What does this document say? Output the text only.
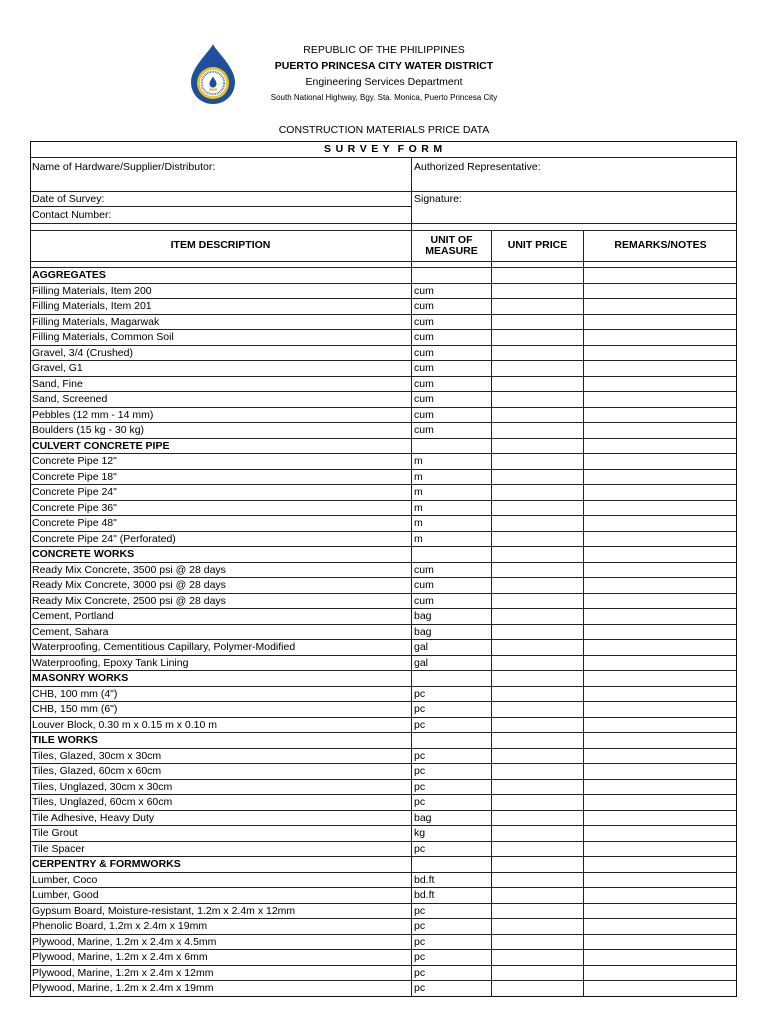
REPUBLIC OF THE PHILIPPINES
PUERTO PRINCESA CITY WATER DISTRICT
Engineering Services Department
South National Highway, Bgy. Sta. Monica, Puerto Princesa City
CONSTRUCTION MATERIALS PRICE DATA
S U R V E Y  F O R M
Name of Hardware/Supplier/Distributor:	Authorized Representative:
Date of Survey:
Contact Number:
Signature:
ITEM DESCRIPTION	UNIT OF MEASURE	UNIT PRICE	REMARKS/NOTES
AGGREGATES
Filling Materials, Item 200	cum
Filling Materials, Item 201	cum
Filling Materials, Magarwak	cum
Filling Materials, Common Soil	cum
Gravel, 3/4 (Crushed)	cum
Gravel, G1	cum
Sand, Fine	cum
Sand, Screened	cum
Pebbles (12 mm - 14 mm)	cum
Boulders (15 kg - 30 kg)	cum
CULVERT CONCRETE PIPE
Concrete Pipe 12"	m
Concrete Pipe 18"	m
Concrete Pipe 24"	m
Concrete Pipe 36"	m
Concrete Pipe 48"	m
Concrete Pipe 24" (Perforated)	m
CONCRETE WORKS
Ready Mix Concrete, 3500 psi @ 28 days	cum
Ready Mix Concrete, 3000 psi @ 28 days	cum
Ready Mix Concrete, 2500 psi @ 28 days	cum
Cement, Portland	bag
Cement, Sahara	bag
Waterproofing, Cementitious Capillary, Polymer-Modified	gal
Waterproofing, Epoxy Tank Lining	gal
MASONRY WORKS
CHB, 100 mm (4")	pc
CHB, 150 mm (6")	pc
Louver Block, 0.30 m x 0.15 m x 0.10 m	pc
TILE WORKS
Tiles, Glazed, 30cm x 30cm	pc
Tiles, Glazed, 60cm x 60cm	pc
Tiles, Unglazed, 30cm x 30cm	pc
Tiles, Unglazed, 60cm x 60cm	pc
Tile Adhesive, Heavy Duty	bag
Tile Grout	kg
Tile Spacer	pc
CERPENTRY & FORMWORKS
Lumber, Coco	bd.ft
Lumber, Good	bd.ft
Gypsum Board, Moisture-resistant, 1.2m x 2.4m x 12mm	pc
Phenolic Board, 1.2m x 2.4m x 19mm	pc
Plywood, Marine, 1.2m x 2.4m x 4.5mm	pc
Plywood, Marine, 1.2m x 2.4m x 6mm	pc
Plywood, Marine, 1.2m x 2.4m x 12mm	pc
Plywood, Marine, 1.2m x 2.4m x 19mm	pc
